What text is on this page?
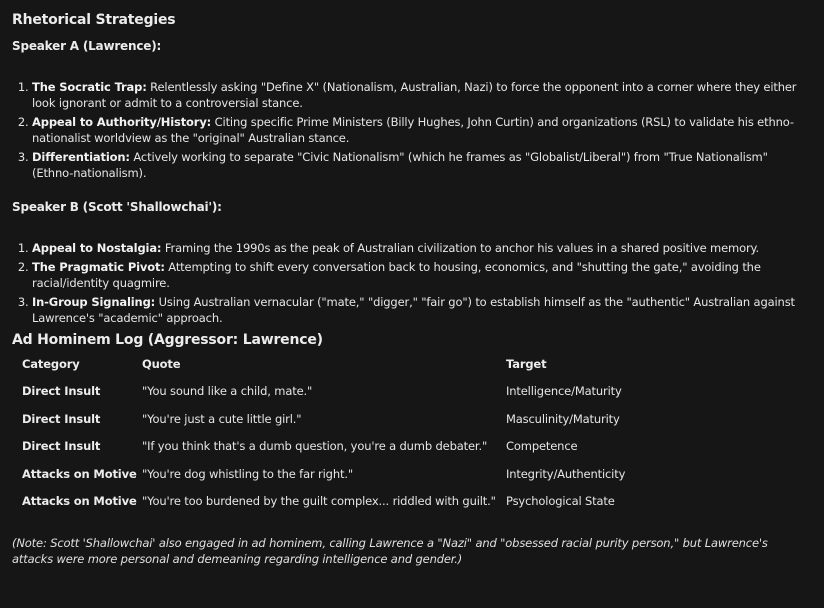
Rhetorical Strategies
Speaker A (Lawrence):
1. The Socratic Trap: Relentlessly asking "Define X" (Nationalism, Australian, Nazi) to force the opponent into a corner where they either look ignorant or admit to a controversial stance.
2. Appeal to Authority/History: Citing specific Prime Ministers (Billy Hughes, John Curtin) and organizations (RSL) to validate his ethno-nationalist worldview as the "original" Australian stance.
3. Differentiation: Actively working to separate "Civic Nationalism" (which he frames as "Globalist/Liberal") from "True Nationalism" (Ethno-nationalism).
Speaker B (Scott 'Shallowchai'):
1. Appeal to Nostalgia: Framing the 1990s as the peak of Australian civilization to anchor his values in a shared positive memory.
2. The Pragmatic Pivot: Attempting to shift every conversation back to housing, economics, and "shutting the gate," avoiding the racial/identity quagmire.
3. In-Group Signaling: Using Australian vernacular ("mate," "digger," "fair go") to establish himself as the "authentic" Australian against Lawrence's "academic" approach.
Ad Hominem Log (Aggressor: Lawrence)
Category	Quote	Target
Direct Insult	"You sound like a child, mate."	Intelligence/Maturity
Direct Insult	"You're just a cute little girl."	Masculinity/Maturity
Direct Insult	"If you think that's a dumb question, you're a dumb debater."	Competence
Attacks on Motive	"You're dog whistling to the far right."	Integrity/Authenticity
Attacks on Motive	"You're too burdened by the guilt complex... riddled with guilt."	Psychological State
(Note: Scott 'Shallowchai' also engaged in ad hominem, calling Lawrence a "Nazi" and "obsessed racial purity person," but Lawrence's attacks were more personal and demeaning regarding intelligence and gender.)
